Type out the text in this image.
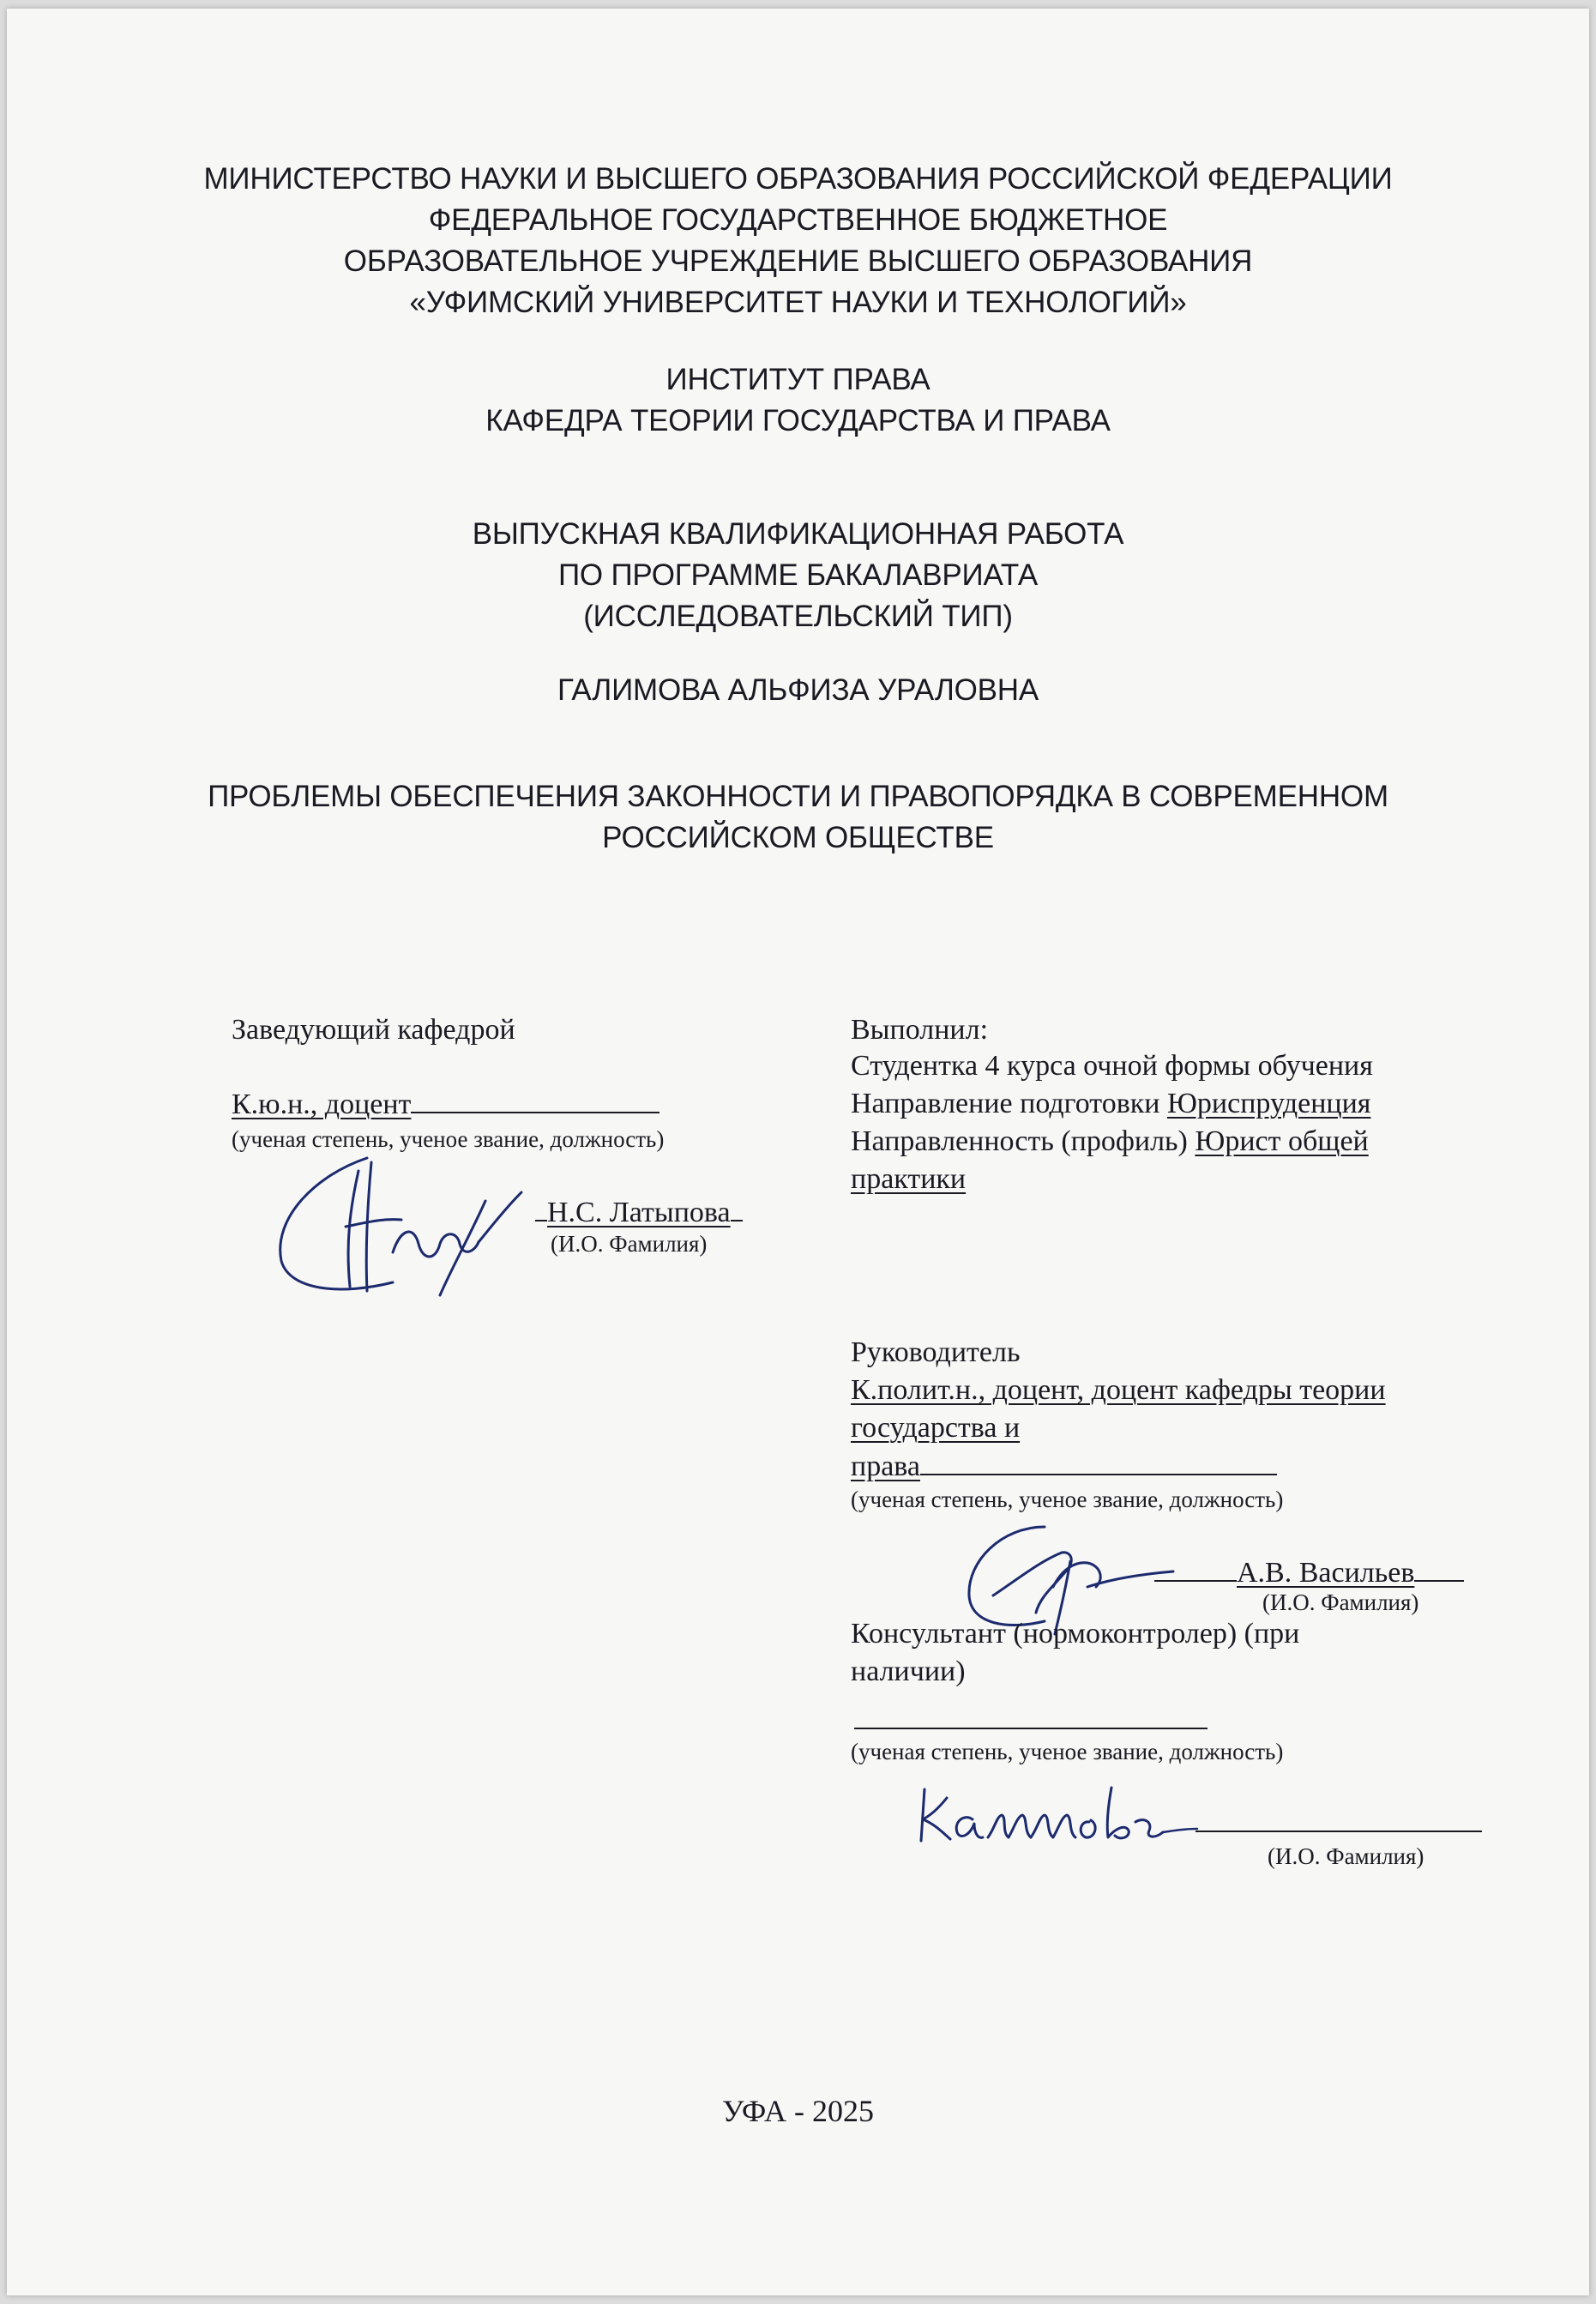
МИНИСТЕРСТВО НАУКИ И ВЫСШЕГО ОБРАЗОВАНИЯ РОССИЙСКОЙ ФЕДЕРАЦИИ
ФЕДЕРАЛЬНОЕ ГОСУДАРСТВЕННОЕ БЮДЖЕТНОЕ
ОБРАЗОВАТЕЛЬНОЕ УЧРЕЖДЕНИЕ ВЫСШЕГО ОБРАЗОВАНИЯ
«УФИМСКИЙ УНИВЕРСИТЕТ НАУКИ И ТЕХНОЛОГИЙ»
ИНСТИТУТ ПРАВА
КАФЕДРА ТЕОРИИ ГОСУДАРСТВА И ПРАВА
ВЫПУСКНАЯ КВАЛИФИКАЦИОННАЯ РАБОТА
ПО ПРОГРАММЕ БАКАЛАВРИАТА
(ИССЛЕДОВАТЕЛЬСКИЙ ТИП)
ГАЛИМОВА АЛЬФИЗА УРАЛОВНА
ПРОБЛЕМЫ ОБЕСПЕЧЕНИЯ ЗАКОННОСТИ И ПРАВОПОРЯДКА В СОВРЕМЕННОМ
РОССИЙСКОМ ОБЩЕСТВЕ
Заведующий кафедрой
К.ю.н., доцент
(ученая степень, ученое звание, должность)
Н.С. Латыпова
(И.О. Фамилия)
Выполнил:
Студентка 4 курса очной формы обучения
Направление подготовки Юриспруденция
Направленность (профиль) Юрист общей
практики
Руководитель
К.полит.н., доцент, доцент кафедры теории
государства и
права
(ученая степень, ученое звание, должность)
А.В. Васильев
(И.О. Фамилия)
Консультант (нормоконтролер) (при
наличии)
(ученая степень, ученое звание, должность)
(И.О. Фамилия)
УФА - 2025
